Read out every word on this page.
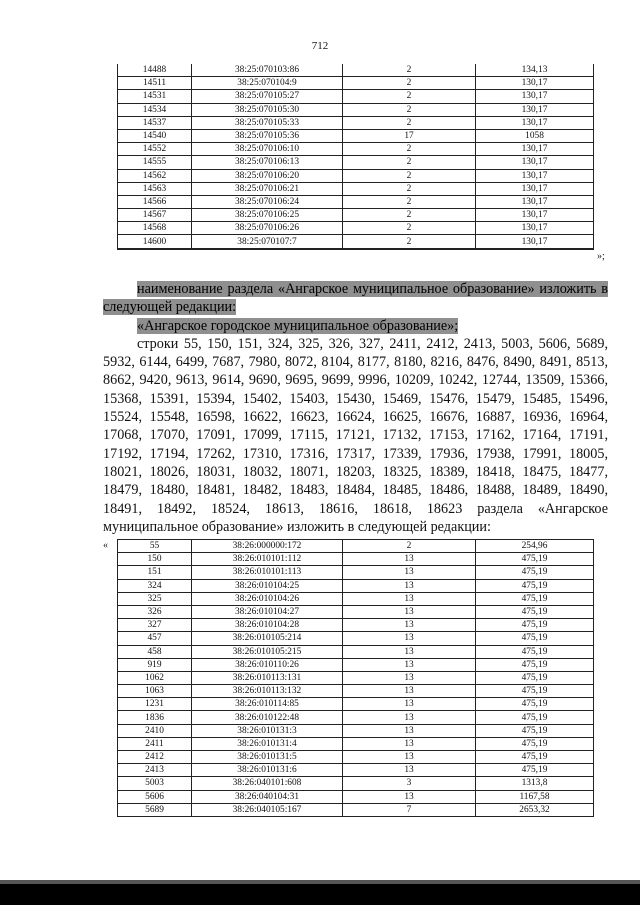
712
14488	38:25:070103:86	2	134,13
14511	38:25:070104:9	2	130,17
14531	38:25:070105:27	2	130,17
14534	38:25:070105:30	2	130,17
14537	38:25:070105:33	2	130,17
14540	38:25:070105:36	17	1058
14552	38:25:070106:10	2	130,17
14555	38:25:070106:13	2	130,17
14562	38:25:070106:20	2	130,17
14563	38:25:070106:21	2	130,17
14566	38:25:070106:24	2	130,17
14567	38:25:070106:25	2	130,17
14568	38:25:070106:26	2	130,17
14600	38:25:070107:7	2	130,17
»;

наименование раздела «Ангарское муниципальное образование» изложить в следующей редакции:

«Ангарское городское муниципальное образование»;

строки 55, 150, 151, 324, 325, 326, 327, 2411, 2412, 2413, 5003, 5606, 5689, 5932, 6144, 6499, 7687, 7980, 8072, 8104, 8177, 8180, 8216, 8476, 8490, 8491, 8513, 8662, 9420, 9613, 9614, 9690, 9695, 9699, 9996, 10209, 10242, 12744, 13509, 15366, 15368, 15391, 15394, 15402, 15403, 15430, 15469, 15476, 15479, 15485, 15496, 15524, 15548, 16598, 16622, 16623, 16624, 16625, 16676, 16887, 16936, 16964, 17068, 17070, 17091, 17099, 17115, 17121, 17132, 17153, 17162, 17164, 17191, 17192, 17194, 17262, 17310, 17316, 17317, 17339, 17936, 17938, 17991, 18005, 18021, 18026, 18031, 18032, 18071, 18203, 18325, 18389, 18418, 18475, 18477, 18479, 18480, 18481, 18482, 18483, 18484, 18485, 18486, 18488, 18489, 18490, 18491, 18492, 18524, 18613, 18616, 18618, 18623 раздела «Ангарское муниципальное образование» изложить в следующей редакции:

«	55	38:26:000000:172	2	254,96
150	38:26:010101:112	13	475,19
151	38:26:010101:113	13	475,19
324	38:26:010104:25	13	475,19
325	38:26:010104:26	13	475,19
326	38:26:010104:27	13	475,19
327	38:26:010104:28	13	475,19
457	38:26:010105:214	13	475,19
458	38:26:010105:215	13	475,19
919	38:26:010110:26	13	475,19
1062	38:26:010113:131	13	475,19
1063	38:26:010113:132	13	475,19
1231	38:26:010114:85	13	475,19
1836	38:26:010122:48	13	475,19
2410	38:26:010131:3	13	475,19
2411	38:26:010131:4	13	475,19
2412	38:26:010131:5	13	475,19
2413	38:26:010131:6	13	475,19
5003	38:26:040101:608	3	1313,8
5606	38:26:040104:31	13	1167,58
5689	38:26:040105:167	7	2653,32
